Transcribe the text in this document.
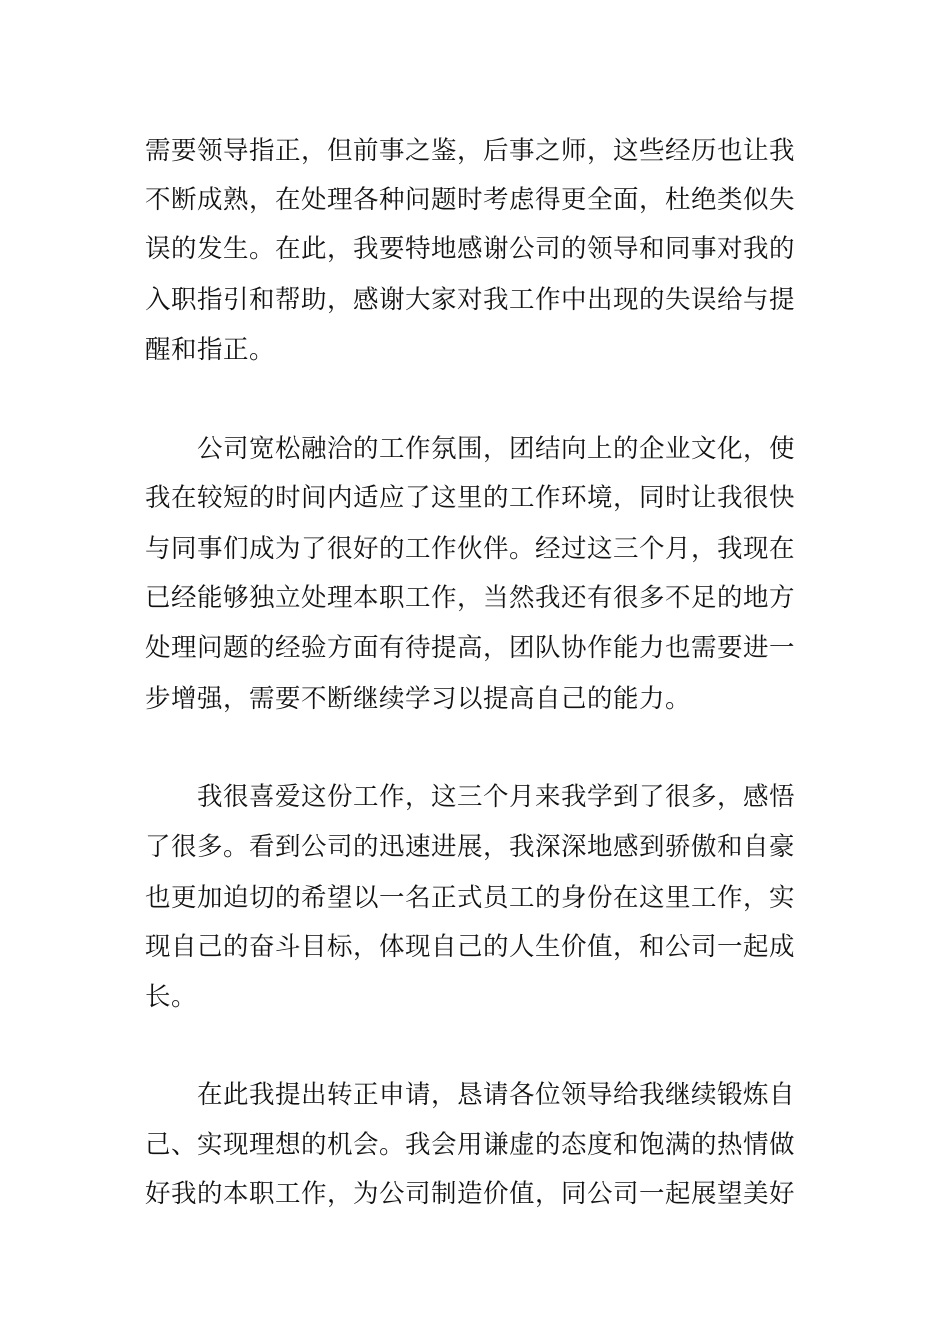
需要领导指正，但前事之鉴，后事之师，这些经历也让我
不断成熟，在处理各种问题时考虑得更全面，杜绝类似失
误的发生。在此，我要特地感谢公司的领导和同事对我的
入职指引和帮助，感谢大家对我工作中出现的失误给与提
醒和指正。
公司宽松融洽的工作氛围，团结向上的企业文化，使
我在较短的时间内适应了这里的工作环境，同时让我很快
与同事们成为了很好的工作伙伴。经过这三个月，我现在
已经能够独立处理本职工作，当然我还有很多不足的地方
处理问题的经验方面有待提高，团队协作能力也需要进一
步增强，需要不断继续学习以提高自己的能力。
我很喜爱这份工作，这三个月来我学到了很多，感悟
了很多。看到公司的迅速进展，我深深地感到骄傲和自豪
也更加迫切的希望以一名正式员工的身份在这里工作，实
现自己的奋斗目标，体现自己的人生价值，和公司一起成
长。
在此我提出转正申请，恳请各位领导给我继续锻炼自
己、实现理想的机会。我会用谦虚的态度和饱满的热情做
好我的本职工作，为公司制造价值，同公司一起展望美好
